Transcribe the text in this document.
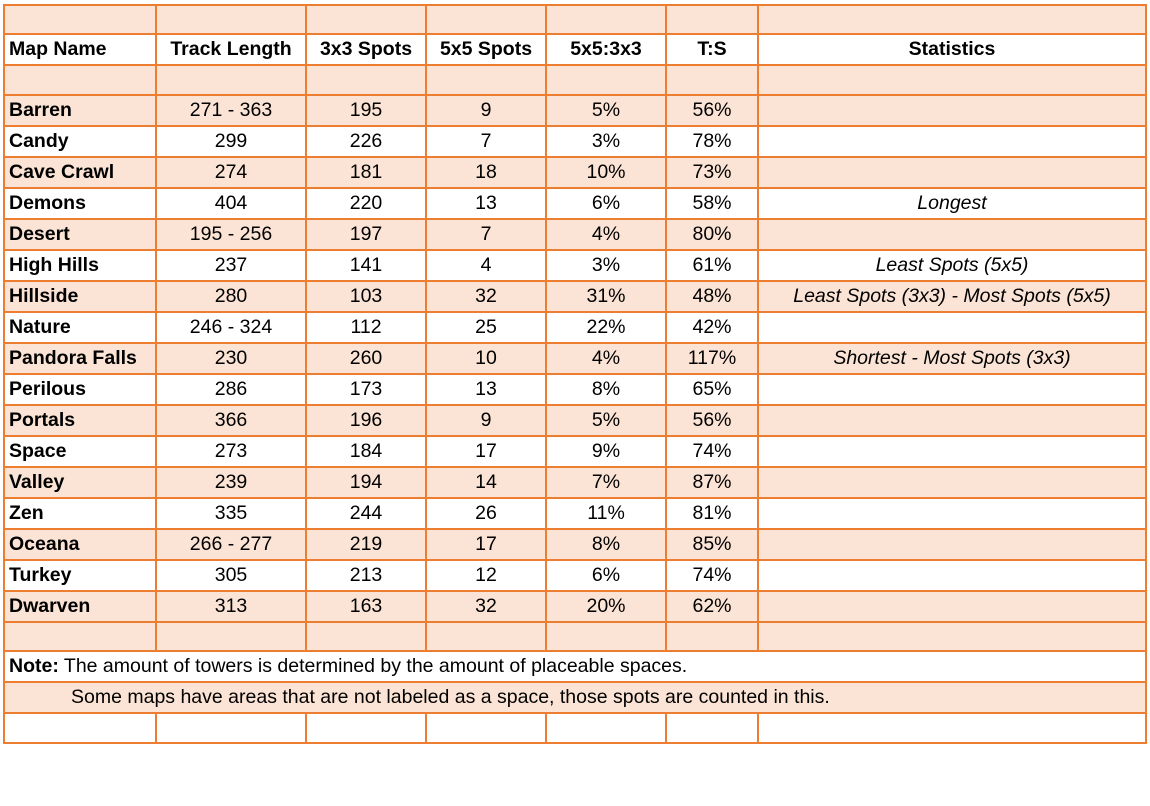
Map Name	Track Length	3x3 Spots	5x5 Spots	5x5:3x3	T:S	Statistics

Barren	271 - 363	195	9	5%	56%	
Candy	299	226	7	3%	78%	
Cave Crawl	274	181	18	10%	73%	
Demons	404	220	13	6%	58%	Longest
Desert	195 - 256	197	7	4%	80%	
High Hills	237	141	4	3%	61%	Least Spots (5x5)
Hillside	280	103	32	31%	48%	Least Spots (3x3) - Most Spots (5x5)
Nature	246 - 324	112	25	22%	42%	
Pandora Falls	230	260	10	4%	117%	Shortest - Most Spots (3x3)
Perilous	286	173	13	8%	65%	
Portals	366	196	9	5%	56%	
Space	273	184	17	9%	74%	
Valley	239	194	14	7%	87%	
Zen	335	244	26	11%	81%	
Oceana	266 - 277	219	17	8%	85%	
Turkey	305	213	12	6%	74%	
Dwarven	313	163	32	20%	62%	

Note: The amount of towers is determined by the amount of placeable spaces.						
Some maps have areas that are not labeled as a space, those spots are counted in this.						
